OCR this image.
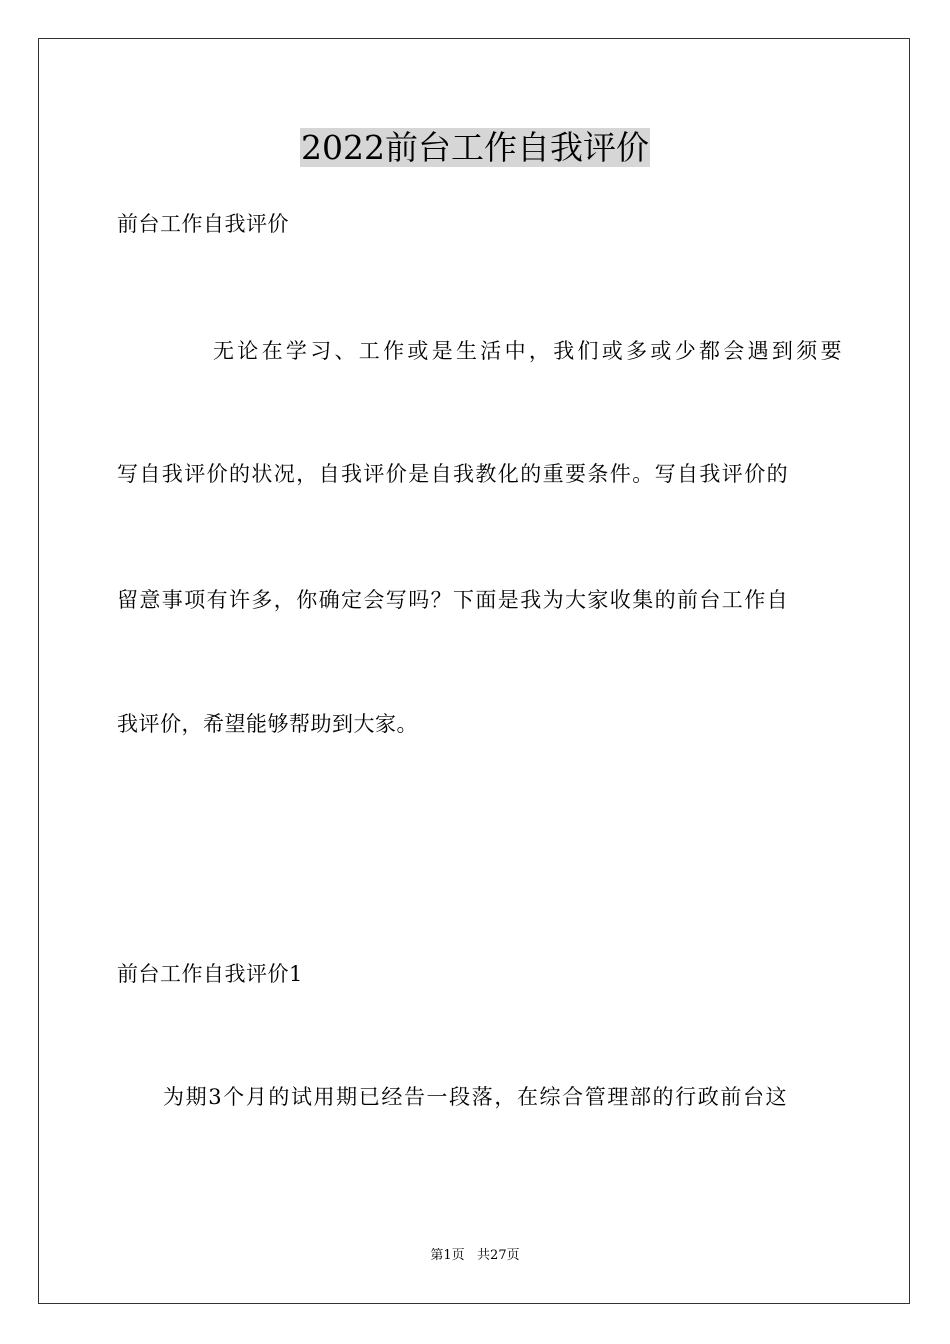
2022前台工作自我评价
前台工作自我评价
无论在学习、工作或是生活中，我们或多或少都会遇到须要
写自我评价的状况，自我评价是自我教化的重要条件。写自我评价的
留意事项有许多，你确定会写吗？下面是我为大家收集的前台工作自
我评价，希望能够帮助到大家。
前台工作自我评价1
为期3个月的试用期已经告一段落，在综合管理部的行政前台这
第1页   共27页
